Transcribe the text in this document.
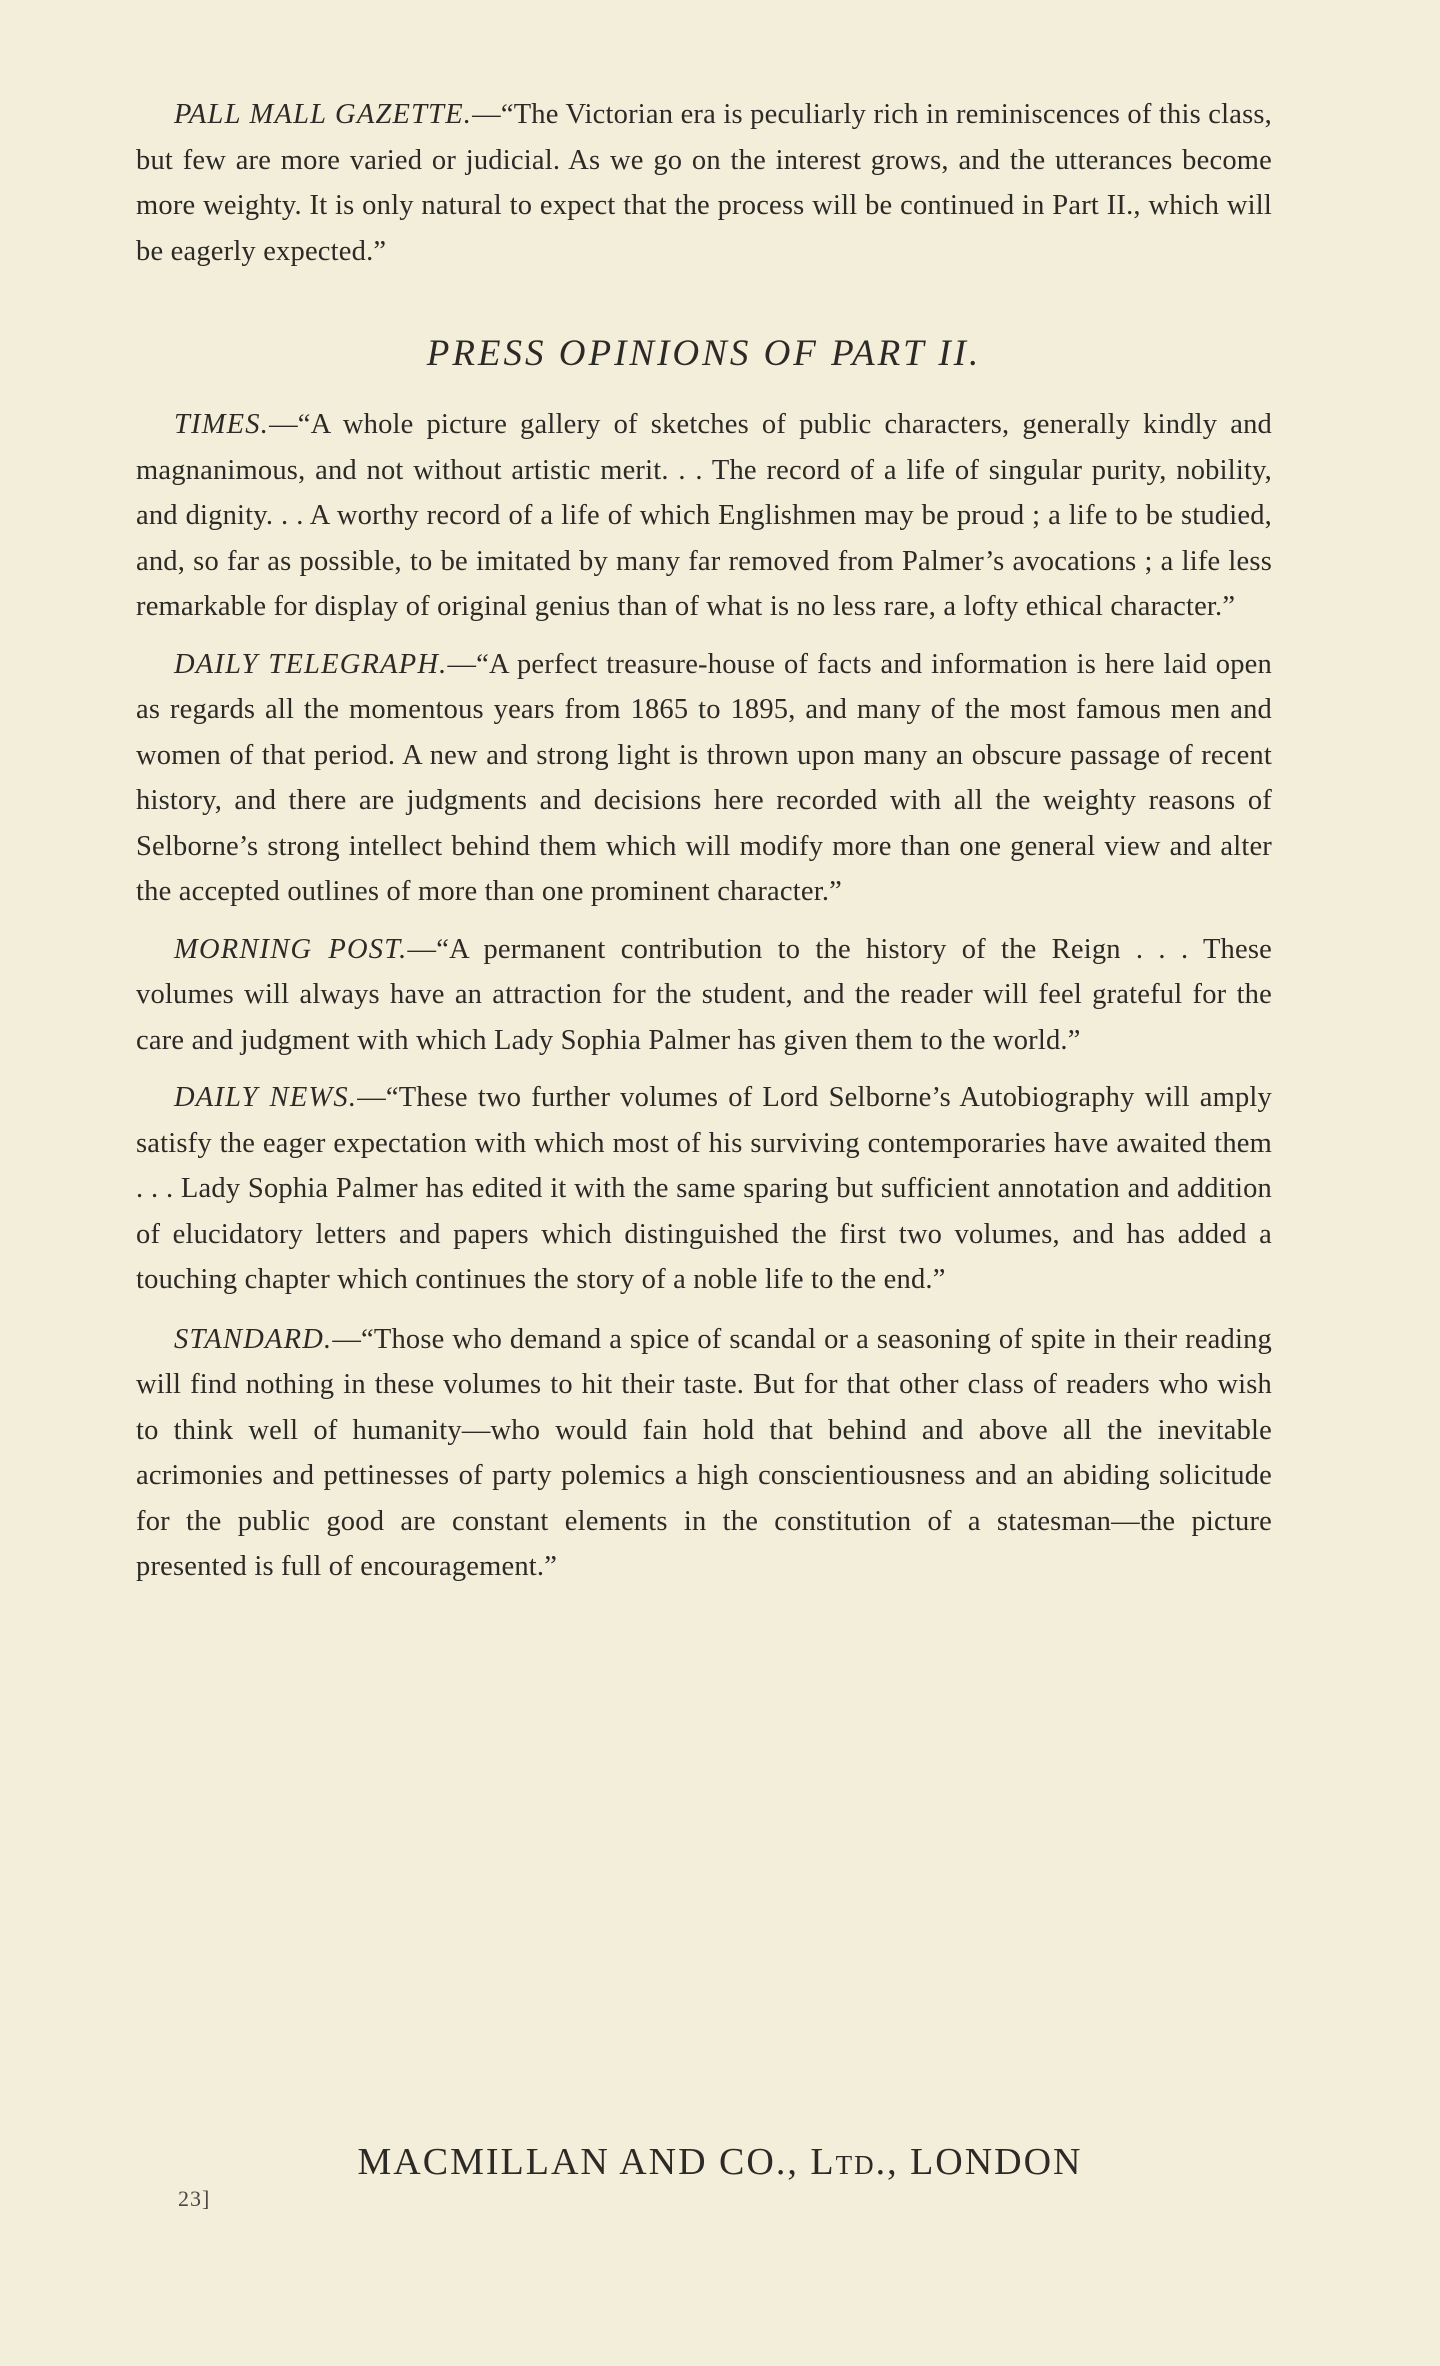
PALL MALL GAZETTE.—“The Victorian era is peculiarly rich in reminiscences of this class, but few are more varied or judicial. As we go on the interest grows, and the utterances become more weighty. It is only natural to expect that the process will be continued in Part II., which will be eagerly expected.”

PRESS OPINIONS OF PART II.

TIMES.—“A whole picture gallery of sketches of public characters, generally kindly and magnanimous, and not without artistic merit. . . The record of a life of singular purity, nobility, and dignity. . . A worthy record of a life of which Englishmen may be proud ; a life to be studied, and, so far as possible, to be imitated by many far removed from Palmer’s avocations ; a life less remarkable for display of original genius than of what is no less rare, a lofty ethical character.”

DAILY TELEGRAPH.—“A perfect treasure-house of facts and information is here laid open as regards all the momentous years from 1865 to 1895, and many of the most famous men and women of that period. A new and strong light is thrown upon many an obscure passage of recent history, and there are judgments and decisions here recorded with all the weighty reasons of Selborne’s strong intellect behind them which will modify more than one general view and alter the accepted outlines of more than one prominent character.”

MORNING POST.—“A permanent contribution to the history of the Reign . . . These volumes will always have an attraction for the student, and the reader will feel grateful for the care and judgment with which Lady Sophia Palmer has given them to the world.”

DAILY NEWS.—“These two further volumes of Lord Selborne’s Autobiography will amply satisfy the eager expectation with which most of his surviving contemporaries have awaited them . . . Lady Sophia Palmer has edited it with the same sparing but sufficient annotation and addition of elucidatory letters and papers which distinguished the first two volumes, and has added a touching chapter which continues the story of a noble life to the end.”

STANDARD.—“Those who demand a spice of scandal or a seasoning of spite in their reading will find nothing in these volumes to hit their taste. But for that other class of readers who wish to think well of humanity—who would fain hold that behind and above all the inevitable acrimonies and pettinesses of party polemics a high conscientiousness and an abiding solicitude for the public good are constant elements in the constitution of a statesman—the picture presented is full of encouragement.”

MACMILLAN AND CO., Ltd., LONDON
23]
